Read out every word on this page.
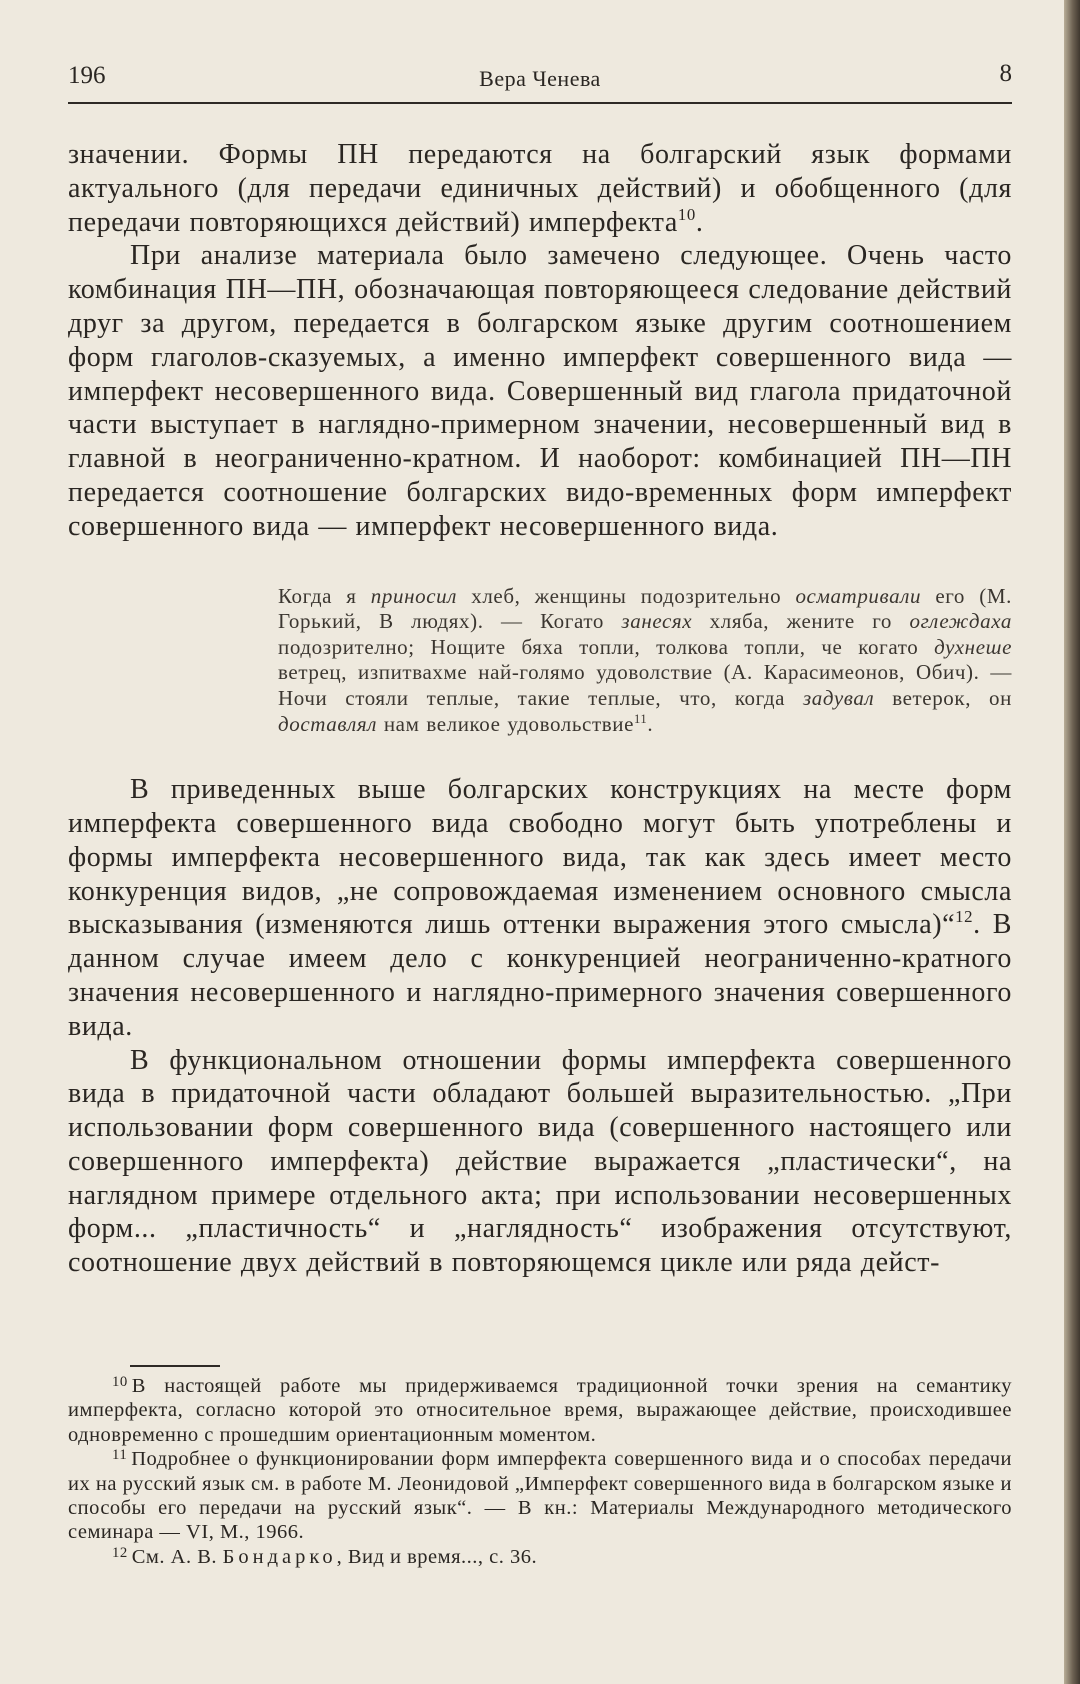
196	Вера Ченева	8

значении. Формы ПН передаются на болгарский язык формами актуального (для передачи единичных действий) и обобщенного (для передачи повторяющихся действий) имперфекта$^{10}$.

При анализе материала было замечено следующее. Очень часто комбинация ПН—ПН, обозначающая повторяющееся следование действий друг за другом, передается в болгарском языке другим соотношением форм глаголов-сказуемых, а именно имперфект совершенного вида — имперфект несовершенного вида. Совершенный вид глагола придаточной части выступает в наглядно-примерном значении, несовершенный вид в главной в неограниченно-кратном. И наоборот: комбинацией ПН—ПН передается соотношение болгарских видо-временных форм имперфект совершенного вида — имперфект несовершенного вида.

Когда я приносил хлеб, женщины подозрительно осматривали его (М. Горький, В людях). — Когато занесях хляба, жените го оглеждаха подозрително; Нощите бяха топли, толкова топли, че когато духнеше ветрец, изпитвахме най-голямо удоволствие (А. Карасимеонов, Обич). — Ночи стояли теплые, такие теплые, что, когда задувал ветерок, он доставлял нам великое удовольствие$^{11}$.

В приведенных выше болгарских конструкциях на месте форм имперфекта совершенного вида свободно могут быть употреблены и формы имперфекта несовершенного вида, так как здесь имеет место конкуренция видов, „не сопровождаемая изменением основного смысла высказывания (изменяются лишь оттенки выражения этого смысла)“$^{12}$. В данном случае имеем дело с конкуренцией неограниченно-кратного значения несовершенного и наглядно-примерного значения совершенного вида.

В функциональном отношении формы имперфекта совершенного вида в придаточной части обладают большей выразительностью. „При использовании форм совершенного вида (совершенного настоящего или совершенного имперфекта) действие выражается „пластически“, на наглядном примере отдельного акта; при использовании несовершенных форм... „пластичность“ и „наглядность“ изображения отсутствуют, соотношение двух действий в повторяющемся цикле или ряда дейст-

$^{10}$ В настоящей работе мы придерживаемся традиционной точки зрения на семантику имперфекта, согласно которой это относительное время, выражающее действие, происходившее одновременно с прошедшим ориентационным моментом.

$^{11}$ Подробнее о функционировании форм имперфекта совершенного вида и о способах передачи их на русский язык см. в работе М. Леонидовой „Имперфект совершенного вида в болгарском языке и способы его передачи на русский язык“. — В кн.: Материалы Международного методического семинара — VI, М., 1966.

$^{12}$ См. А. В. Бондарко, Вид и время..., с. 36.
